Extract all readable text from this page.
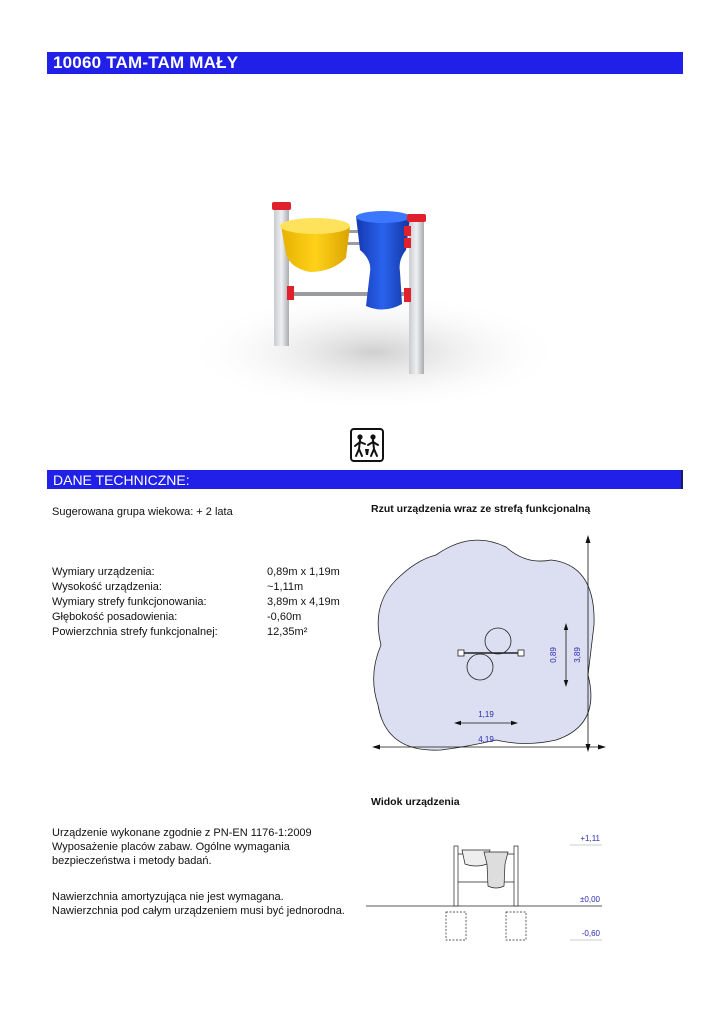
10060 TAM-TAM MAŁY
DANE TECHNICZNE:
Sugerowana grupa wiekowa: + 2 lata
Wymiary urządzenia:	0,89m x 1,19m
Wysokość urządzenia:	~1,11m
Wymiary strefy funkcjonowania:	3,89m x 4,19m
Głębokość posadowienia:	-0,60m
Powierzchnia strefy funkcjonalnej:	12,35m²
Rzut urządzenia wraz ze strefą funkcjonalną
1,19
4,19
0,89 3,89
Widok urządzenia
+1,11
±0,00
-0,60
Urządzenie wykonane zgodnie z PN-EN 1176-1:2009
Wyposażenie placów zabaw. Ogólne wymagania
bezpieczeństwa i metody badań.
Nawierzchnia amortyzująca nie jest wymagana.
Nawierzchnia pod całym urządzeniem musi być jednorodna.
